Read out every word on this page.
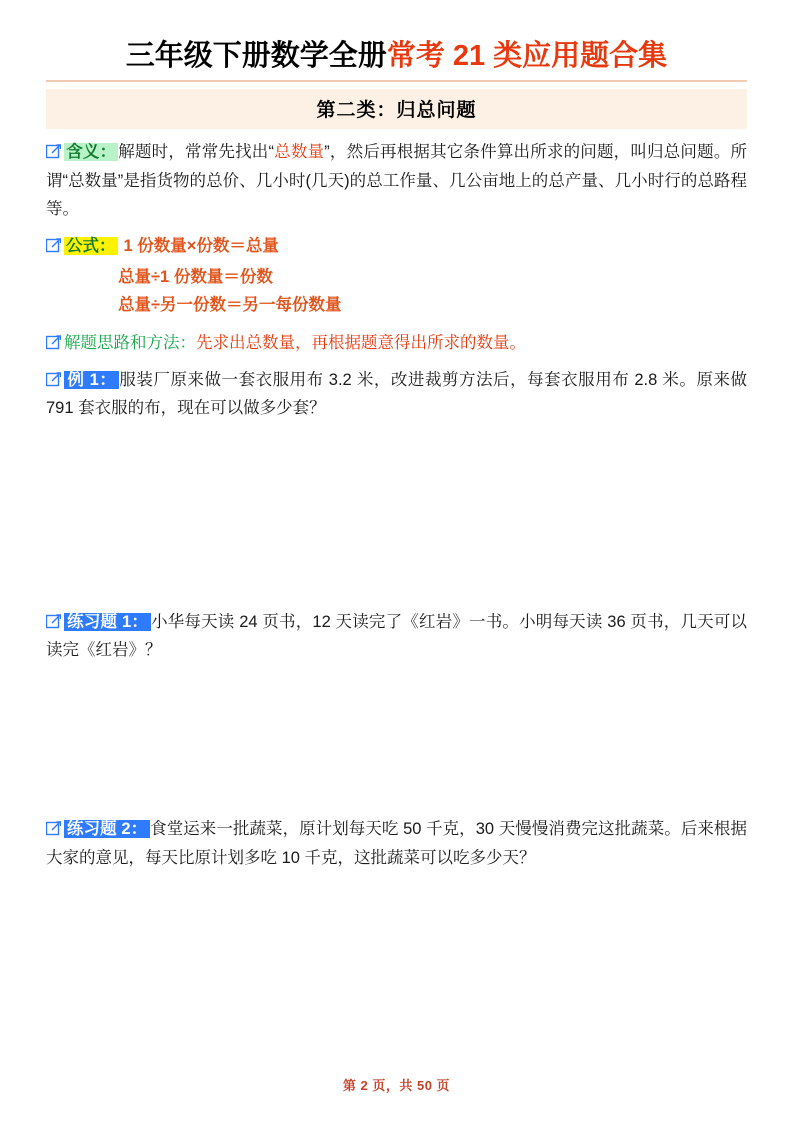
三年级下册数学全册常考 21 类应用题合集
第二类：归总问题
含义： 解题时，常常先找出“总数量”，然后再根据其它条件算出所求的问题，叫归总问题。所谓“总数量”是指货物的总价、几小时(几天)的总工作量、几公亩地上的总产量、几小时行的总路程等。
公式： 1 份数量×份数＝总量
总量÷1 份数量＝份数
总量÷另一份数＝另一每份数量
解题思路和方法：先求出总数量，再根据题意得出所求的数量。
例 1： 服装厂原来做一套衣服用布 3.2 米，改进裁剪方法后，每套衣服用布 2.8 米。原来做 791 套衣服的布，现在可以做多少套？
练习题 1： 小华每天读 24 页书，12 天读完了《红岩》一书。小明每天读 36 页书，几天可以读完《红岩》？
练习题 2： 食堂运来一批蔬菜，原计划每天吃 50 千克，30 天慢慢消费完这批蔬菜。后来根据大家的意见，每天比原计划多吃 10 千克，这批蔬菜可以吃多少天？
第 2 页，共 50 页
